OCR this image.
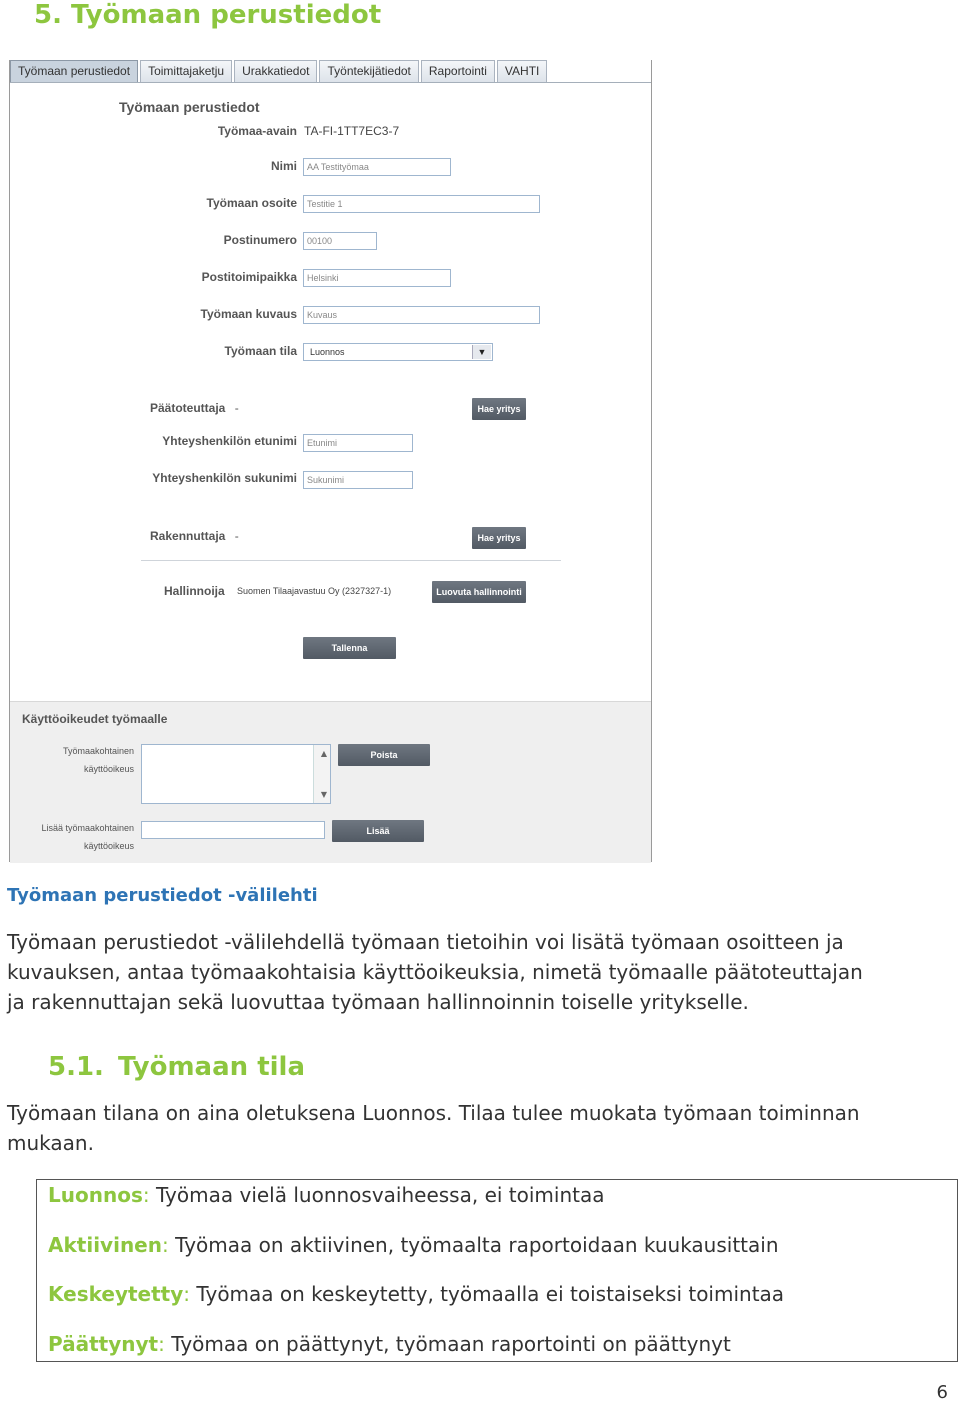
5. Työmaan perustiedot
Työmaan perustiedot	Toimittajaketju	Urakkatiedot	Työntekijätiedot	Raportointi	VAHTI
Työmaan perustiedot
Työmaa-avain TA-FI-1TT7EC3-7
Nimi	AA Testityömaa
Työmaan osoite	Testitie 1
Postinumero	00100
Postitoimipaikka	Helsinki
Työmaan kuvaus	Kuvaus
Työmaan tila	Luonnos	▼
Päätoteuttaja -	Hae yritys
Yhteyshenkilön etunimi	Etunimi
Yhteyshenkilön sukunimi	Sukunimi
Rakennuttaja -	Hae yritys
Hallinnoija Suomen Tilaajavastuu Oy (2327327-1)	Luovuta hallinnointi
Tallenna
Käyttöoikeudet työmaalle
Työmaakohtainen
käyttöoikeus
▲
▼
Poista
Lisää työmaakohtainen
käyttöoikeus
Lisää
Työmaan perustiedot -välilehti
Työmaan perustiedot -välilehdellä työmaan tietoihin voi lisätä työmaan osoitteen ja
kuvauksen, antaa työmaakohtaisia käyttöoikeuksia, nimetä työmaalle päätoteuttajan
ja rakennuttajan sekä luovuttaa työmaan hallinnoinnin toiselle yritykselle.
5.1. Työmaan tila
Työmaan tilana on aina oletuksena Luonnos. Tilaa tulee muokata työmaan toiminnan
mukaan.
Luonnos: Työmaa vielä luonnosvaiheessa, ei toimintaa
Aktiivinen: Työmaa on aktiivinen, työmaalta raportoidaan kuukausittain
Keskeytetty: Työmaa on keskeytetty, työmaalla ei toistaiseksi toimintaa
Päättynyt: Työmaa on päättynyt, työmaan raportointi on päättynyt
6
